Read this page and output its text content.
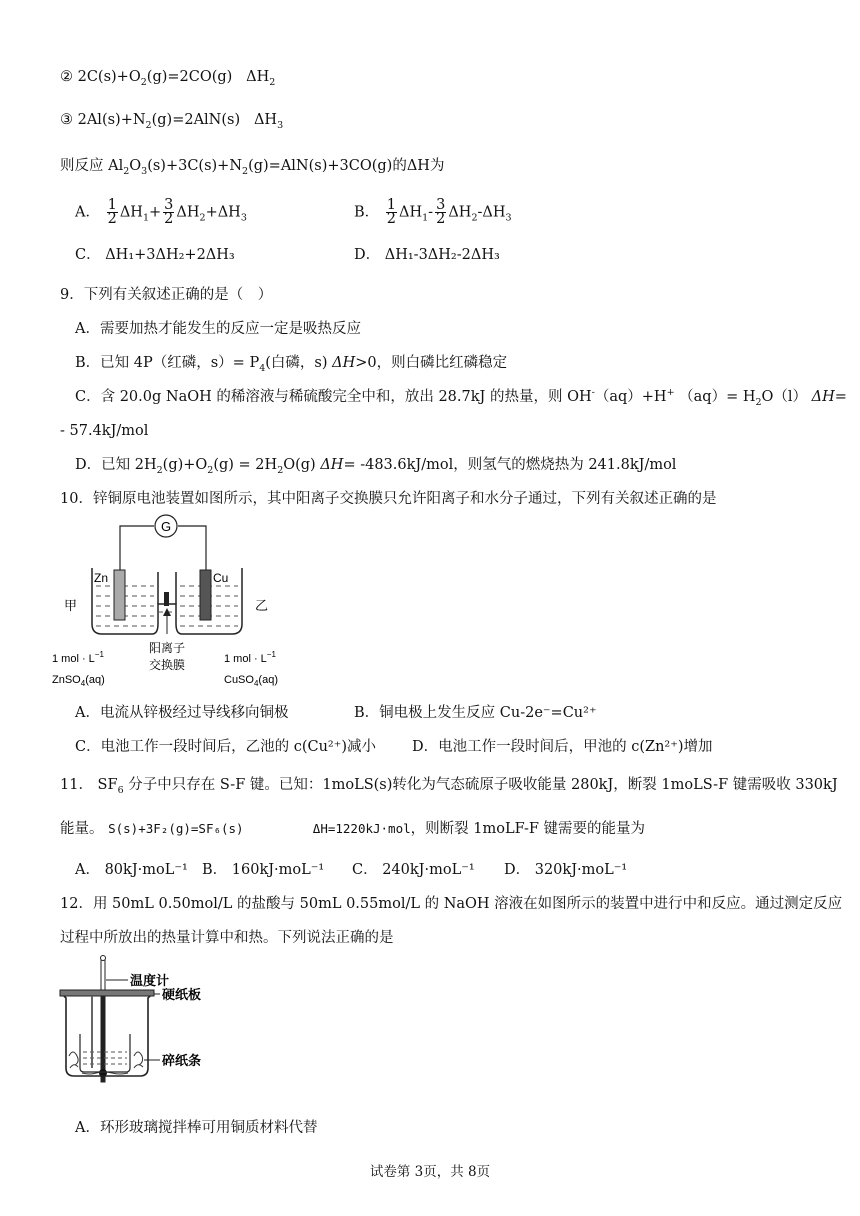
② $2C(s)+O_2(g)=2CO(g)$ $\Delta H_2$
③ $2Al(s)+N_2(g)=2AlN(s)$ $\Delta H_3$
则反应 $Al_2O_3(s)+3C(s)+N_2(g)=AlN(s)+3CO(g)$的ΔH为
A． $\frac{1}{2} \Delta H_1+ \frac{3}{2} \Delta H_2+\Delta H_3$	B． $\frac{1}{2} \Delta H_1- \frac{3}{2} \Delta H_2-\Delta H_3$
C． ΔH₁+3ΔH₂+2ΔH₃	D． ΔH₁-3ΔH₂-2ΔH₃
9．下列有关叙述正确的是（　）
A．需要加热才能发生的反应一定是吸热反应
B．已知 4P（红磷，$s)= P_4$(白磷，s) ΔH>0，则白磷比红磷稳定
C．含 20.0g NaOH 的稀溶液与稀硫酸完全中和，放出 28.7kJ 的热量，则 OH-（aq）+H+ $(aq)= H_2O(l)$ ΔH=
- 57.4kJ/mol
D．已知 $2H_2(g)+O_2(g) = 2H_2O(g)$ ΔH= -483.6kJ/mol，则氢气的燃烧热为 241.8kJ/mol
10．锌铜原电池装置如图所示，其中阳离子交换膜只允许阳离子和水分子通过，下列有关叙述正确的是
G
Zn	Cu
甲	乙
阳离子
交换膜
1 mol · $L^{-1}$
ZnSO$_4$(aq)
1 mol · $L^{-1}$
CuSO$_4$(aq)
A．电流从锌极经过导线移向铜极	B．铜电极上发生反应 Cu-2e⁻=Cu²⁺
C．电池工作一段时间后，乙池的 c(Cu²⁺)减小 D．电池工作一段时间后，甲池的 c(Zn²⁺)增加
11． $SF_6$ 分子中只存在 S-F 键。已知：1moLS(s)转化为气态硫原子吸收能量 280kJ，断裂 1moLS-F 键需吸收 330kJ
能量。 S(s)+3F₂(g)=SF₆(s)	ΔH=1220kJ·mol，则断裂 1moLF-F 键需要的能量为
A． 80kJ·moL⁻¹ B． 160kJ·moL⁻¹ C． 240kJ·moL⁻¹ D． 320kJ·moL⁻¹
12．用 50mL 0.50mol/L 的盐酸与 50mL 0.55mol/L 的 NaOH 溶液在如图所示的装置中进行中和反应。通过测定反应
过程中所放出的热量计算中和热。下列说法正确的是
温度计
硬纸板
碎纸条
A．环形玻璃搅拌棒可用铜质材料代替
试卷第 3页，共 8页
